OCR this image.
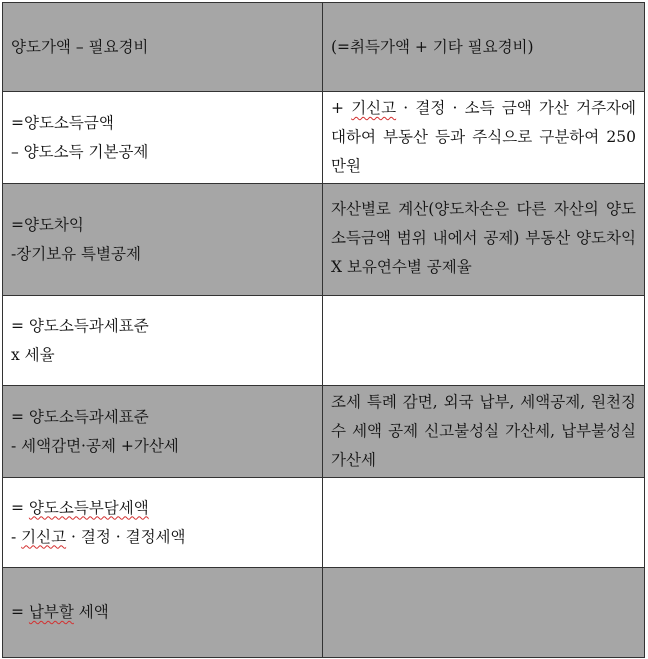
양도가액 – 필요경비	(=취득가액 + 기타 필요경비)

=양도소득금액
– 양도소득 기본공제	+ 기신고 · 결정 · 소득 금액 가산 거주자에 대하여 부동산 등과 주식으로 구분하여 250만원

=양도차익
-장기보유 특별공제	자산별로 계산(양도차손은 다른 자산의 양도소득금액 범위 내에서 공제) 부동산 양도차익 X 보유연수별 공제율

= 양도소득과세표준
x 세율	

= 양도소득과세표준
- 세액감면·공제 +가산세	조세 특례 감면, 외국 납부, 세액공제, 원천징수 세액 공제 신고불성실 가산세, 납부불성실가산세

= 양도소득부담세액
- 기신고 · 결정 · 결정세액	

= 납부할 세액	
